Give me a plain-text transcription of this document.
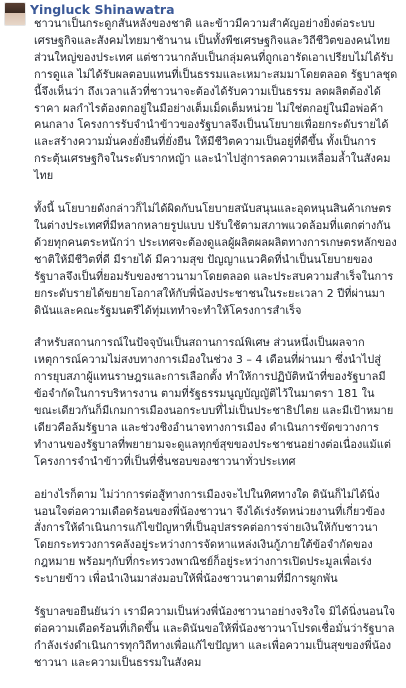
Yingluck Shinawatra

ชาวนาเป็นกระดูกสันหลังของชาติ และข้าวมีความสำคัญอย่างยิ่งต่อระบบเศรษฐกิจและสังคมไทยมาช้านาน เป็นทั้งพืชเศรษฐกิจและวิถีชีวิตของคนไทยส่วนใหญ่ของประเทศ แต่ชาวนากลับเป็นกลุ่มคนที่ถูกเอารัดเอาเปรียบไม่ได้รับการดูแล ไม่ได้รับผลตอบแทนที่เป็นธรรมและเหมาะสมมาโดยตลอด รัฐบาลชุดนี้จึงเห็นว่า ถึงเวลาแล้วที่ชาวนาจะต้องได้รับความเป็นธรรม ลดผลิตต้องได้ราคา ผลกำไรต้องตกอยู่ในมือย่างเต็มเม็ดเต็มหน่วย ไม่ใช่ตกอยู่ในมือพ่อค้าคนกลาง โครงการรับจำนำข้าวของรัฐบาลจึงเป็นนโยบายเพื่อยกระดับรายได้ และสร้างความมั่นคงยั่งยืนที่ยั่งยืน ให้มีชีวิตความเป็นอยู่ที่ดีขึ้น ทั้งเป็นการกระตุ้นเศรษฐกิจในระดับรากหญ้า และนำไปสู่การลดความเหลื่อมล้ำในสังคมไทย

ทั้งนี้ นโยบายดังกล่าวก็ไม่ได้ผิดกับนโยบายสนับสนุนและอุดหนุนสินค้าเกษตรในต่างประเทศที่มีหลากหลายรูปแบบ ปรับใช้ตามสภาพแวดล้อมที่แตกต่างกัน ด้วยทุกคนตระหนักว่า ประเทศจะต้องดูแลผู้ผลิตผลผลิตทางการเกษตรหลักของชาติให้มีชีวิตที่ดี มีรายได้ มีความสุข ปัญญาแนวคิดที่นำเป็นนโยบายของรัฐบาลจึงเป็นที่ยอมรับของชาวนามาโดยตลอด และประสบความสำเร็จในการยกระดับรายได้ขยายโอกาสให้กับพี่น้องประชาชนในระยะเวลา 2 ปีที่ผ่านมา ดินันและคณะรัฐมนตรีได้ทุ่มเททำจะทำให้โครงการสำเร็จ

สำหรับสถานการณ์ในปัจจุบันเป็นสถานการณ์พิเศษ ส่วนหนึ่งเป็นผลจากเหตุการณ์ความไม่สงบทางการเมืองในช่วง 3 – 4 เดือนที่ผ่านมา ซึ่งนำไปสู่การยุบสภาผู้แทนราษฎรและการเลือกตั้ง ทำให้การปฏิบัติหน้าที่ของรัฐบาลมีข้อจำกัดในการบริหารงาน ตามที่รัฐธรรมนูญบัญญัติไว้ในมาตรา 181 ในขณะเดียวกันก็มีเกมการเมืองนอกระบบที่ไม่เป็นประชาธิปไตย และมีเป้าหมายเดียวคือล้มรัฐบาล และช่วงชิงอำนาจทางการเมือง ดำเนินการขัดขวางการทำงานของรัฐบาลที่พยายามจะดูแลทุกข์สุขของประชาชนอย่างต่อเนื่องแม้แต่โครงการจำนำข้าวที่เป็นที่ชื่นชอบของชาวนาทั่วประเทศ

อย่างไรก็ตาม ไม่ว่าการต่อสู้ทางการเมืองจะไปในทิศทางใด ดินันก็ไม่ได้นิ่งนอนใจต่อความเดือดร้อนของพี่น้องชาวนา จึงได้เร่งรัดหน่วยงานที่เกี่ยวข้อง สั่งการให้ดำเนินการแก้ไขปัญหาที่เป็นอุปสรรคต่อการจ่ายเงินให้กับชาวนา โดยกระทรวงการคลังอยู่ระหว่างการจัดหาแหล่งเงินกู้ภายใต้ข้อจำกัดของกฎหมาย พร้อมๆกับที่กระทรวงพาณิชย์ก็อยู่ระหว่างการเปิดประมูลเพื่อเร่งระบายข้าว เพื่อนำเงินมาส่งมอบให้พี่น้องชาวนาตามที่มีการผูกพัน

รัฐบาลขอยืนยันว่า เรามีความเป็นห่วงพี่น้องชาวนาอย่างจริงใจ มิได้นิ่งนอนใจต่อความเดือดร้อนที่เกิดขึ้น และดินันขอให้พี่น้องชาวนาโปรดเชื่อมั่นว่ารัฐบาลกำลังเร่งดำเนินการทุกวิถีทางเพื่อแก้ไขปัญหา และเพื่อความเป็นสุขของพี่น้องชาวนา และความเป็นธรรมในสังคม
